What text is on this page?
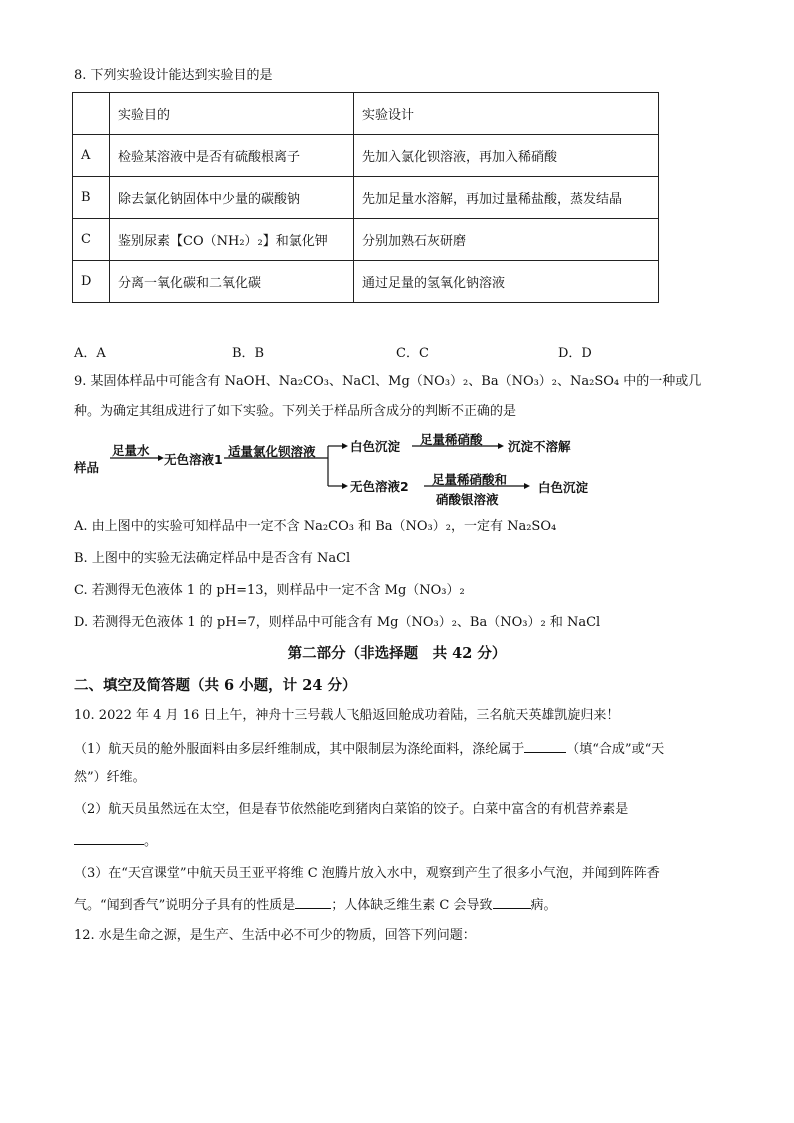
8. 下列实验设计能达到实验目的是
	实验目的	实验设计
A	检验某溶液中是否有硫酸根离子	先加入氯化钡溶液，再加入稀硝酸
B	除去氯化钠固体中少量的碳酸钠	先加足量水溶解，再加过量稀盐酸，蒸发结晶
C	鉴别尿素【CO（NH₂）₂】和氯化钾	分别加熟石灰研磨
D	分离一氧化碳和二氧化碳	通过足量的氢氧化钠溶液
A．A	B．B	C．C	D．D
9. 某固体样品中可能含有 NaOH、Na₂CO₃、NaCl、Mg（NO₃）₂、Ba（NO₃）₂、Na₂SO₄ 中的一种或几
种。为确定其组成进行了如下实验。下列关于样品所含成分的判断不正确的是
样品
足量水
无色溶液1
适量氯化钡溶液	白色沉淀 足量稀硝酸 沉淀不溶解
无色溶液2 足量稀硝酸和
硝酸银溶液
白色沉淀
A. 由上图中的实验可知样品中一定不含 Na₂CO₃ 和 Ba（NO₃）₂，一定有 Na₂SO₄
B. 上图中的实验无法确定样品中是否含有 NaCl
C. 若测得无色液体 1 的 pH=13，则样品中一定不含 Mg（NO₃）₂
D. 若测得无色液体 1 的 pH=7，则样品中可能含有 Mg（NO₃）₂、Ba（NO₃）₂ 和 NaCl
第二部分（非选择题　共 42 分）
二、填空及简答题（共 6 小题，计 24 分）
10. 2022 年 4 月 16 日上午，神舟十三号载人飞船返回舱成功着陆，三名航天英雄凯旋归来！
（1）航天员的舱外服面料由多层纤维制成，其中限制层为涤纶面料，涤纶属于	（填“合成”或“天
然”）纤维。
（2）航天员虽然远在太空，但是春节依然能吃到猪肉白菜馅的饺子。白菜中富含的有机营养素是
。
（3）在“天宫课堂”中航天员王亚平将维 C 泡腾片放入水中，观察到产生了很多小气泡，并闻到阵阵香
气。“闻到香气”说明分子具有的性质是	；人体缺乏维生素 C 会导致	病。
12. 水是生命之源，是生产、生活中必不可少的物质，回答下列问题：
